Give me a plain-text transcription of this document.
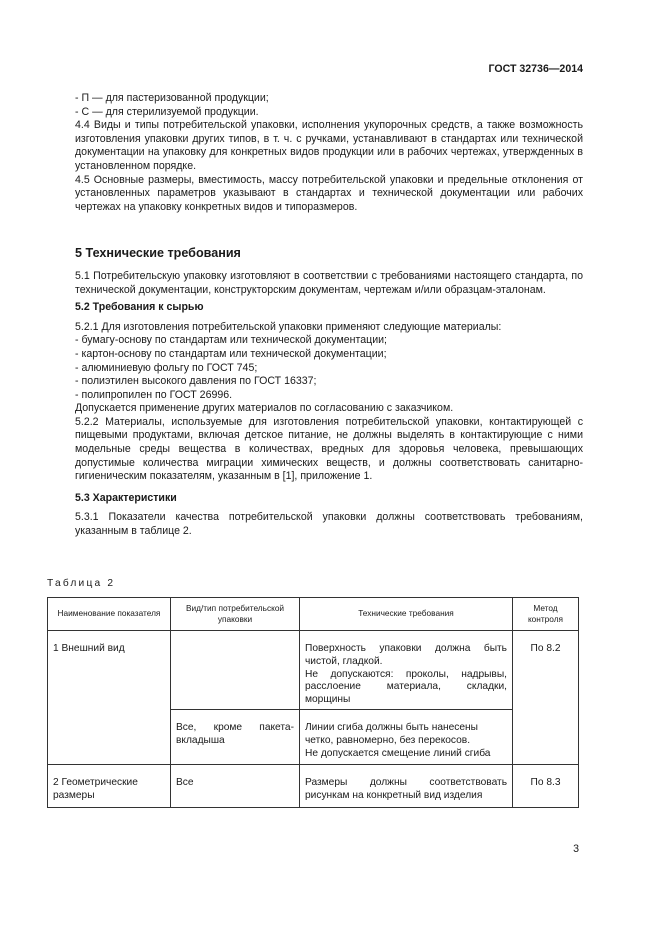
ГОСТ 32736—2014

- П — для пастеризованной продукции;

- С — для стерилизуемой продукции.

4.4 Виды и типы потребительской упаковки, исполнения укупорочных средств, а также возможность изготовления упаковки других типов, в т. ч. с ручками, устанавливают в стандартах или технической документации на упаковку для конкретных видов продукции или в рабочих чертежах, утвержденных в установленном порядке.

4.5 Основные размеры, вместимость, массу потребительской упаковки и предельные отклонения от установленных параметров указывают в стандартах и технической документации или рабочих чертежах на упаковку конкретных видов и типоразмеров.

5 Технические требования

5.1 Потребительскую упаковку изготовляют в соответствии с требованиями настоящего стандарта, по технической документации, конструкторским документам, чертежам и/или образцам-эталонам.

5.2 Требования к сырью

5.2.1 Для изготовления потребительской упаковки применяют следующие материалы:

- бумагу-основу по стандартам или технической документации;

- картон-основу по стандартам или технической документации;

- алюминиевую фольгу по ГОСТ 745;

- полиэтилен высокого давления по ГОСТ 16337;

- полипропилен по ГОСТ 26996.

Допускается применение других материалов по согласованию с заказчиком.

5.2.2 Материалы, используемые для изготовления потребительской упаковки, контактирующей с пищевыми продуктами, включая детское питание, не должны выделять в контактирующие с ними модельные среды вещества в количествах, вредных для здоровья человека, превышающих допустимые количества миграции химических веществ, и должны соответствовать санитарно-гигиеническим показателям, указанным в [1], приложение 1.

5.3 Характеристики

5.3.1 Показатели качества потребительской упаковки должны соответствовать требованиям, указанным в таблице 2.

Таблица 2
Наименование показателя	Вид/тип потребительской упаковки	Технические требования	Метод контроля
1 Внешний вид		Поверхность упаковки должна быть чистой, гладкой.
Не допускаются: проколы, надрывы, расслоение материала, складки, морщины	По 8.2
	Все, кроме пакета-вкладыша	Линии сгиба должны быть нанесены четко, равномерно, без перекосов.
Не допускается смещение линий сгиба	

2 Геометрические размеры	Все	Размеры должны соответствовать рисункам на конкретный вид изделия	По 8.3
3
